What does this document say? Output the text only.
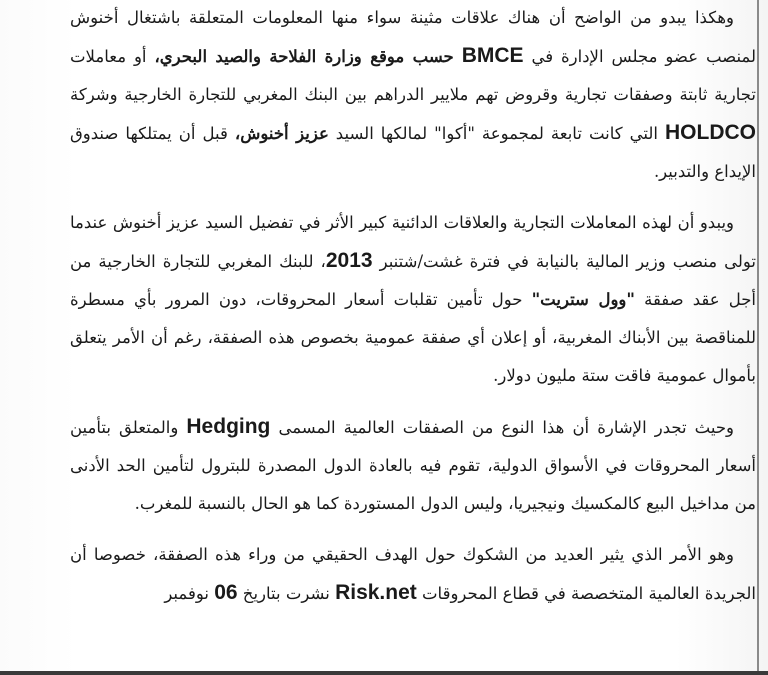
وهكذا يبدو من الواضح أن هناك علاقات مثينة سواء منها المعلومات المتعلقة باشتغال أخنوش لمنصب عضو مجلس الإدارة في BMCE حسب موقع وزارة الفلاحة والصيد البحري، أو معاملات تجارية ثابتة وصفقات تجارية وقروض تهم ملايير الدراهم بين البنك المغربي للتجارة الخارجية وشركة HOLDCO التي كانت تابعة لمجموعة "أكوا" لمالكها السيد عزيز أخنوش، قبل أن يمتلكها صندوق الإيداع والتدبير.

ويبدو أن لهذه المعاملات التجارية والعلاقات الدائنية كبير الأثر في تفضيل السيد عزيز أخنوش عندما تولى منصب وزير المالية بالنيابة في فترة غشت/شتنبر 2013، للبنك المغربي للتجارة الخارجية من أجل عقد صفقة "وول ستريت" حول تأمين تقلبات أسعار المحروقات، دون المرور بأي مسطرة للمناقصة بين الأبناك المغربية، أو إعلان أي صفقة عمومية بخصوص هذه الصفقة، رغم أن الأمر يتعلق بأموال عمومية فاقت ستة مليون دولار.

وحيث تجدر الإشارة أن هذا النوع من الصفقات العالمية المسمى Hedging والمتعلق بتأمين أسعار المحروقات في الأسواق الدولية، تقوم فيه بالعادة الدول المصدرة للبترول لتأمين الحد الأدنى من مداخيل البيع كالمكسيك ونيجيريا، وليس الدول المستوردة كما هو الحال بالنسبة للمغرب.

وهو الأمر الذي يثير العديد من الشكوك حول الهدف الحقيقي من وراء هذه الصفقة، خصوصا أن الجريدة العالمية المتخصصة في قطاع المحروقات Risk.net نشرت بتاريخ 06 نوفمبر
